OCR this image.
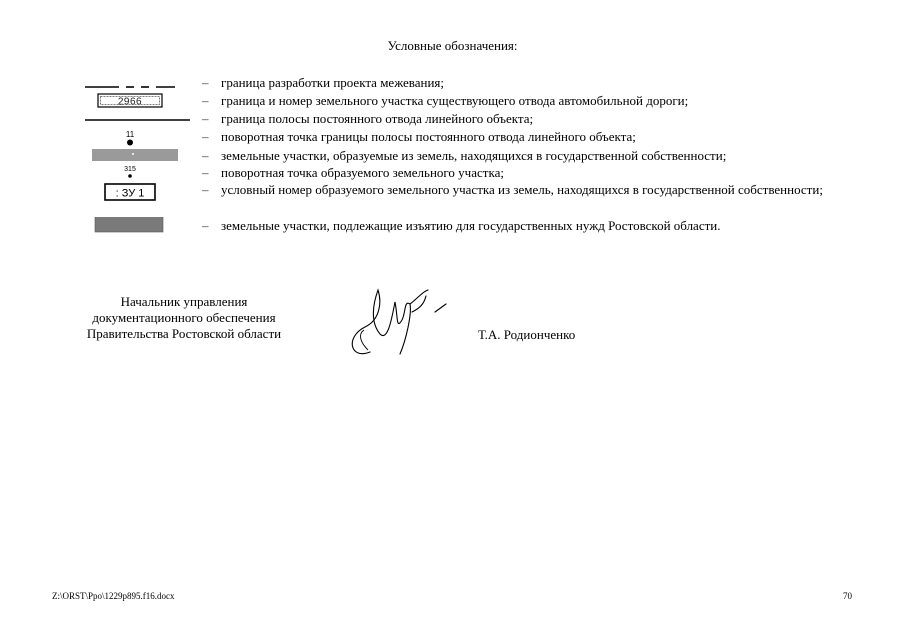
Условные обозначения:
– граница разработки проекта межевания;
2966	– граница и номер земельного участка существующего отвода автомобильной дороги;
– граница полосы постоянного отвода линейного объекта;
11	– поворотная точка границы полосы постоянного отвода линейного объекта;
– земельные участки, образуемые из земель, находящихся в государственной собственности;
315	– поворотная точка образуемого земельного участка;
: ЗУ 1	– условный номер образуемого земельного участка из земель, находящихся в государственной собственности;
– земельные участки, подлежащие изъятию для государственных нужд Ростовской области.
Начальник управления
документационного обеспечения
Правительства Ростовской области	Т.А. Родионченко
Z:\ORST\Ppo\1229p895.f16.docx	70
